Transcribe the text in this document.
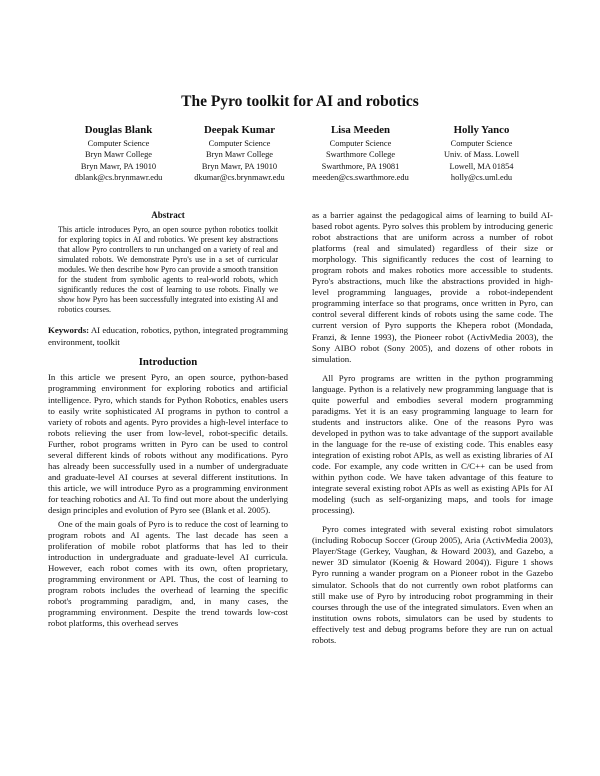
The Pyro toolkit for AI and robotics
Douglas Blank
Computer Science
Bryn Mawr College
Bryn Mawr, PA 19010
dblank@cs.brynmawr.edu
Deepak Kumar
Computer Science
Bryn Mawr College
Bryn Mawr, PA 19010
dkumar@cs.brynmawr.edu
Lisa Meeden
Computer Science
Swarthmore College
Swarthmore, PA 19081
meeden@cs.swarthmore.edu
Holly Yanco
Computer Science
Univ. of Mass. Lowell
Lowell, MA 01854
holly@cs.uml.edu
Abstract
This article introduces Pyro, an open source python robotics toolkit for exploring topics in AI and robotics. We present key abstractions that allow Pyro controllers to run unchanged on a variety of real and simulated robots. We demonstrate Pyro's use in a set of curricular modules. We then describe how Pyro can provide a smooth transition for the student from symbolic agents to real-world robots, which significantly reduces the cost of learning to use robots. Finally we show how Pyro has been successfully integrated into existing AI and robotics courses.
Keywords: AI education, robotics, python, integrated programming environment, toolkit
Introduction

In this article we present Pyro, an open source, python-based programming environment for exploring robotics and artificial intelligence. Pyro, which stands for Python Robotics, enables users to easily write sophisticated AI programs in python to control a variety of robots and agents. Pyro provides a high-level interface to robots relieving the user from low-level, robot-specific details. Further, robot programs written in Pyro can be used to control several different kinds of robots without any modifications. Pyro has already been successfully used in a number of undergraduate and graduate-level AI courses at several different institutions. In this article, we will introduce Pyro as a programming environment for teaching robotics and AI. To find out more about the underlying design principles and evolution of Pyro see (Blank et al. 2005).

One of the main goals of Pyro is to reduce the cost of learning to program robots and AI agents. The last decade has seen a proliferation of mobile robot platforms that has led to their introduction in undergraduate and graduate-level AI curricula. However, each robot comes with its own, often proprietary, programming environment or API. Thus, the cost of learning to program robots includes the overhead of learning the specific robot's programming paradigm, and, in many cases, the programming environment. Despite the trend towards low-cost robot platforms, this overhead serves

as a barrier against the pedagogical aims of learning to build AI-based robot agents. Pyro solves this problem by introducing generic robot abstractions that are uniform across a number of robot platforms (real and simulated) regardless of their size or morphology. This significantly reduces the cost of learning to program robots and makes robotics more accessible to students. Pyro's abstractions, much like the abstractions provided in high-level programming languages, provide a robot-independent programming interface so that programs, once written in Pyro, can control several different kinds of robots using the same code. The current version of Pyro supports the Khepera robot (Mondada, Franzi, & Ienne 1993), the Pioneer robot (ActivMedia 2003), the Sony AIBO robot (Sony 2005), and dozens of other robots in simulation.

All Pyro programs are written in the python programming language. Python is a relatively new programming language that is quite powerful and embodies several modern programming paradigms. Yet it is an easy programming language to learn for students and instructors alike. One of the reasons Pyro was developed in python was to take advantage of the support available in the language for the re-use of existing code. This enables easy integration of existing robot APIs, as well as existing libraries of AI code. For example, any code written in C/C++ can be used from within python code. We have taken advantage of this feature to integrate several existing robot APIs as well as existing APIs for AI modeling (such as self-organizing maps, and tools for image processing).

Pyro comes integrated with several existing robot simulators (including Robocup Soccer (Group 2005), Aria (ActivMedia 2003), Player/Stage (Gerkey, Vaughan, & Howard 2003), and Gazebo, a newer 3D simulator (Koenig & Howard 2004)). Figure 1 shows Pyro running a wander program on a Pioneer robot in the Gazebo simulator. Schools that do not currently own robot platforms can still make use of Pyro by introducing robot programming in their courses through the use of the integrated simulators. Even when an institution owns robots, simulators can be used by students to effectively test and debug programs before they are run on actual robots.
